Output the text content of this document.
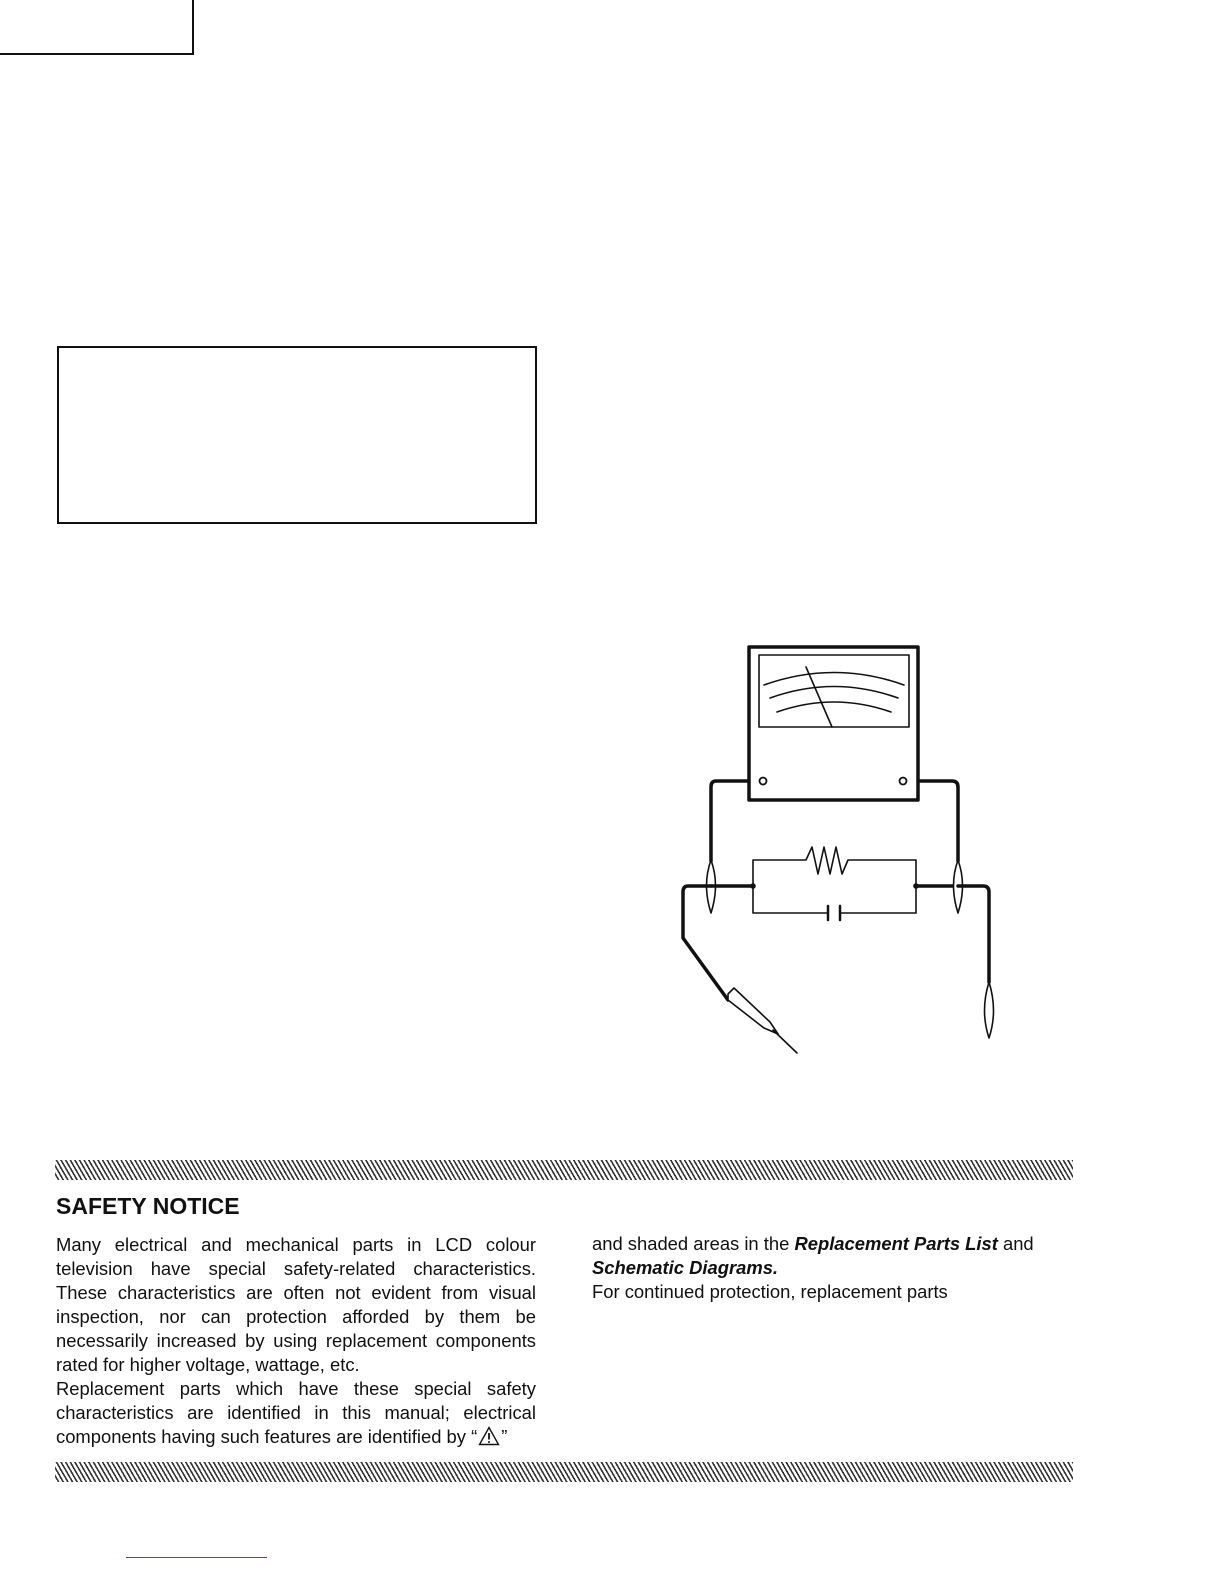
SAFETY NOTICE

Many electrical and mechanical parts in LCD colour television have special safety-related characteristics. These characteristics are often not evident from visual inspection, nor can protection afforded by them be necessarily increased by using replacement components rated for higher voltage, wattage, etc.

Replacement parts which have these special safety characteristics are identified in this manual; electrical components having such features are identified by “ ”

and shaded areas in the Replacement Parts List and

Schematic Diagrams.

For continued protection, replacement parts
